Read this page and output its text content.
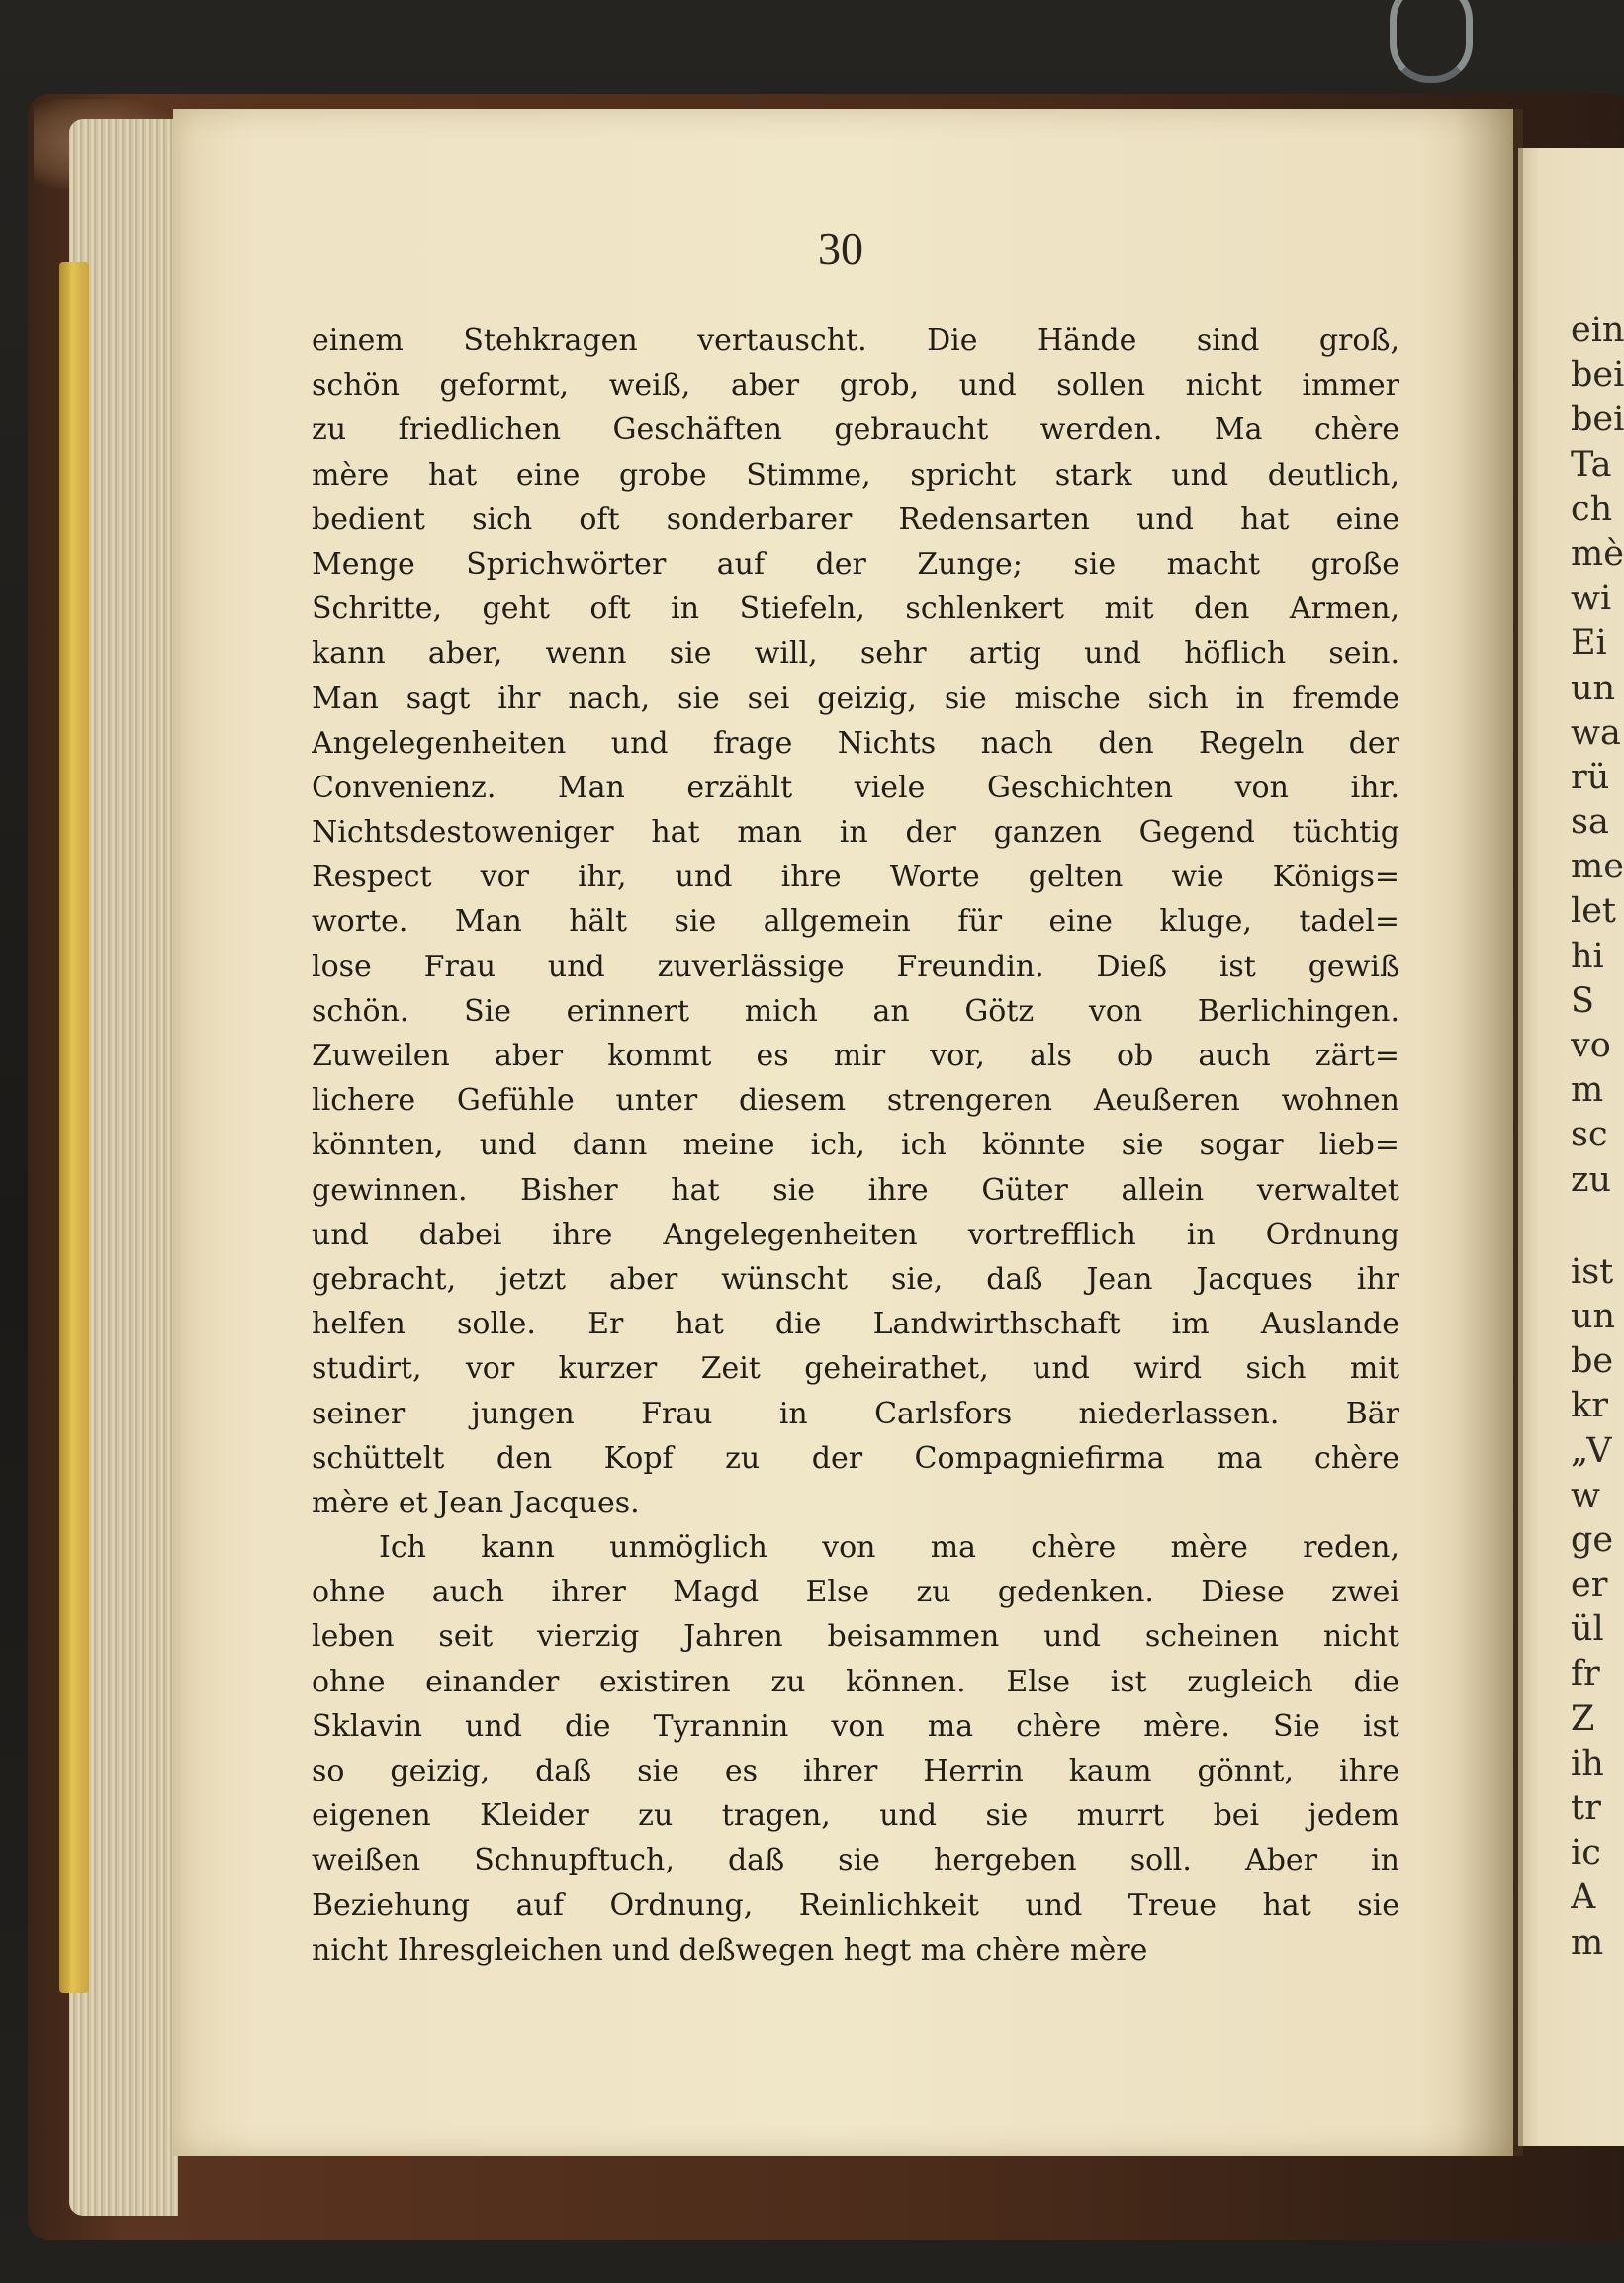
ein
bei
bei
Ta
ch
mè
wi
Ei
un
wa
rü
sa
me
let
hi
S
vo
m
sc
zu
ist
un
be
kr
„V
w
ge
er
ül
fr
Z
ih
tr
ic
A
m
30
einem Stehkragen vertauscht. Die Hände sind groß,
schön geformt, weiß, aber grob, und sollen nicht immer
zu friedlichen Geschäften gebraucht werden. Ma chère
mère hat eine grobe Stimme, spricht stark und deutlich,
bedient sich oft sonderbarer Redensarten und hat eine
Menge Sprichwörter auf der Zunge; sie macht große
Schritte, geht oft in Stiefeln, schlenkert mit den Armen,
kann aber, wenn sie will, sehr artig und höflich sein.
Man sagt ihr nach, sie sei geizig, sie mische sich in fremde
Angelegenheiten und frage Nichts nach den Regeln der
Convenienz. Man erzählt viele Geschichten von ihr.
Nichtsdestoweniger hat man in der ganzen Gegend tüchtig
Respect vor ihr, und ihre Worte gelten wie Königs=
worte. Man hält sie allgemein für eine kluge, tadel=
lose Frau und zuverlässige Freundin. Dieß ist gewiß
schön. Sie erinnert mich an Götz von Berlichingen.
Zuweilen aber kommt es mir vor, als ob auch zärt=
lichere Gefühle unter diesem strengeren Aeußeren wohnen
könnten, und dann meine ich, ich könnte sie sogar lieb=
gewinnen. Bisher hat sie ihre Güter allein verwaltet
und dabei ihre Angelegenheiten vortrefflich in Ordnung
gebracht, jetzt aber wünscht sie, daß Jean Jacques ihr
helfen solle. Er hat die Landwirthschaft im Auslande
studirt, vor kurzer Zeit geheirathet, und wird sich mit
seiner jungen Frau in Carlsfors niederlassen. Bär
schüttelt den Kopf zu der Compagniefirma ma chère
mère et Jean Jacques.
Ich kann unmöglich von ma chère mère reden,
ohne auch ihrer Magd Else zu gedenken. Diese zwei
leben seit vierzig Jahren beisammen und scheinen nicht
ohne einander existiren zu können. Else ist zugleich die
Sklavin und die Tyrannin von ma chère mère. Sie ist
so geizig, daß sie es ihrer Herrin kaum gönnt, ihre
eigenen Kleider zu tragen, und sie murrt bei jedem
weißen Schnupftuch, daß sie hergeben soll. Aber in
Beziehung auf Ordnung, Reinlichkeit und Treue hat sie
nicht Ihresgleichen und deßwegen hegt ma chère mère
